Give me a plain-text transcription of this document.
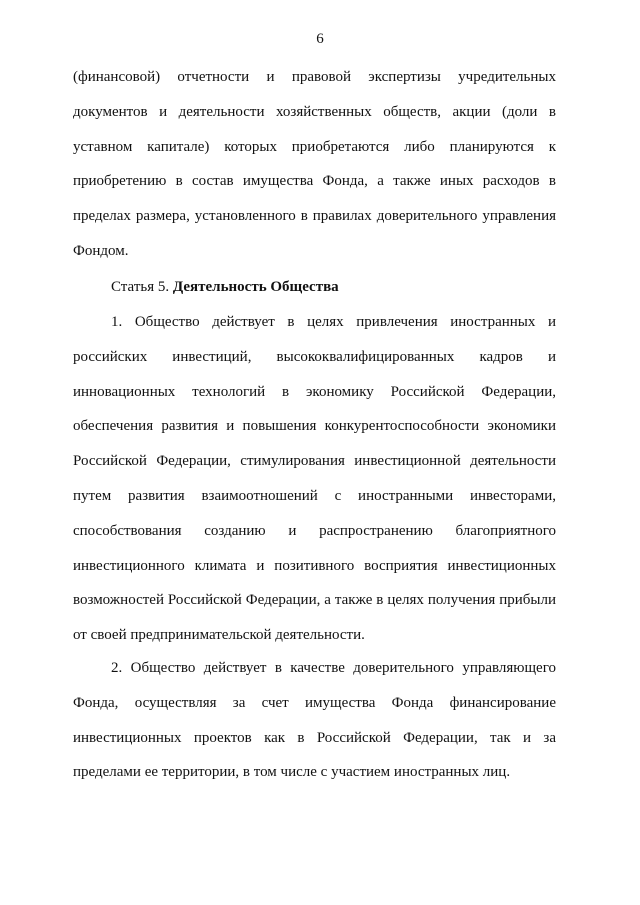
6
(финансовой) отчетности и правовой экспертизы учредительных
документов и деятельности хозяйственных обществ, акции (доли в
уставном капитале) которых приобретаются либо планируются к
приобретению в состав имущества Фонда, а также иных расходов в
пределах размера, установленного в правилах доверительного управления
Фондом.
Статья 5. Деятельность Общества
1. Общество действует в целях привлечения иностранных и
российских инвестиций, высококвалифицированных кадров и
инновационных технологий в экономику Российской Федерации,
обеспечения развития и повышения конкурентоспособности экономики
Российской Федерации, стимулирования инвестиционной деятельности
путем развития взаимоотношений с иностранными инвесторами,
способствования созданию и распространению благоприятного
инвестиционного климата и позитивного восприятия инвестиционных
возможностей Российской Федерации, а также в целях получения прибыли
от своей предпринимательской деятельности.
2. Общество действует в качестве доверительного управляющего
Фонда, осуществляя за счет имущества Фонда финансирование
инвестиционных проектов как в Российской Федерации, так и за
пределами ее территории, в том числе с участием иностранных лиц.
